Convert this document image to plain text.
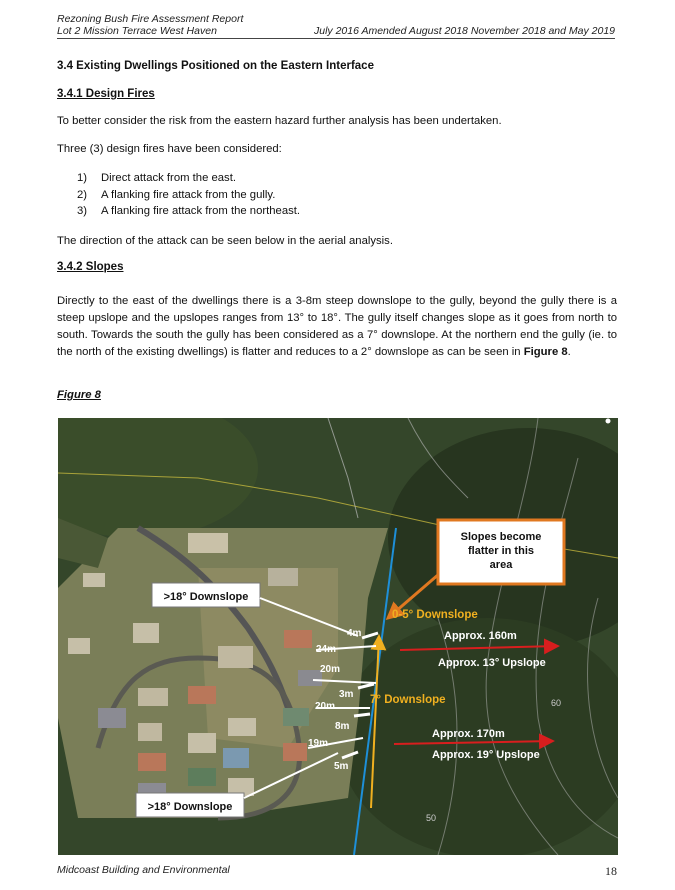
Rezoning Bush Fire Assessment Report
Lot 2 Mission Terrace West Haven	July 2016 Amended August 2018 November 2018 and May 2019
3.4 Existing Dwellings Positioned on the Eastern Interface
3.4.1 Design Fires
To better consider the risk from the eastern hazard further analysis has been undertaken.
Three (3) design fires have been considered:
1) Direct attack from the east.
2) A flanking fire attack from the gully.
3) A flanking fire attack from the northeast.
The direction of the attack can be seen below in the aerial analysis.
3.4.2 Slopes
Directly to the east of the dwellings there is a 3-8m steep downslope to the gully, beyond the gully there is a steep upslope and the upslopes ranges from 13° to 18°. The gully itself changes slope as it goes from north to south. Towards the south the gully has been considered as a 7° downslope. At the northern end the gully (ie. to the north of the existing dwellings) is flatter and reduces to a 2° downslope as can be seen in Figure 8.
Figure 8
Slopes become
flatter in this
area
>18° Downslope
>18° Downslope
4m
24m
20m
3m
20m
8m
19m
5m
0-5° Downslope
7° Downslope
Approx. 160m
Approx. 13° Upslope
Approx. 170m
Approx. 19° Upslope
60
50
Midcoast Building and Environmental	18
